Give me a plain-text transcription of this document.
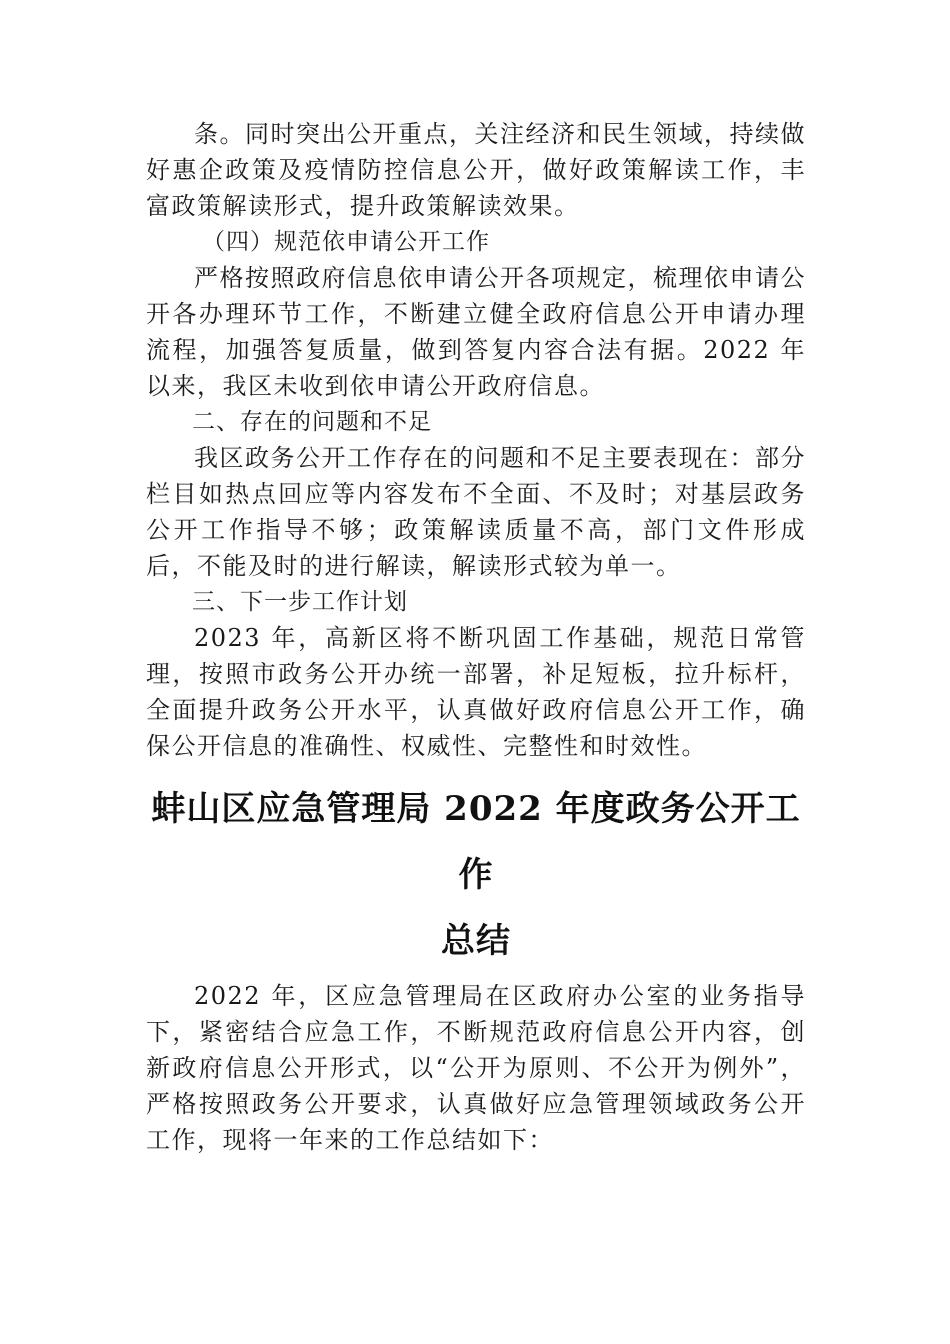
条。同时突出公开重点，关注经济和民生领域，持续做好惠企政策及疫情防控信息公开，做好政策解读工作，丰富政策解读形式，提升政策解读效果。

（四）规范依申请公开工作

严格按照政府信息依申请公开各项规定，梳理依申请公开各办理环节工作，不断建立健全政府信息公开申请办理流程，加强答复质量，做到答复内容合法有据。2022 年以来，我区未收到依申请公开政府信息。

二、存在的问题和不足

我区政务公开工作存在的问题和不足主要表现在：部分栏目如热点回应等内容发布不全面、不及时；对基层政务公开工作指导不够；政策解读质量不高，部门文件形成后，不能及时的进行解读，解读形式较为单一。

三、下一步工作计划

2023 年，高新区将不断巩固工作基础，规范日常管理，按照市政务公开办统一部署，补足短板，拉升标杆，全面提升政务公开水平，认真做好政府信息公开工作，确保公开信息的准确性、权威性、完整性和时效性。

蚌山区应急管理局 2022 年度政务公开工作
总结

2022 年，区应急管理局在区政府办公室的业务指导下，紧密结合应急工作，不断规范政府信息公开内容，创新政府信息公开形式，以“公开为原则、不公开为例外”，严格按照政务公开要求，认真做好应急管理领域政务公开工作，现将一年来的工作总结如下：
